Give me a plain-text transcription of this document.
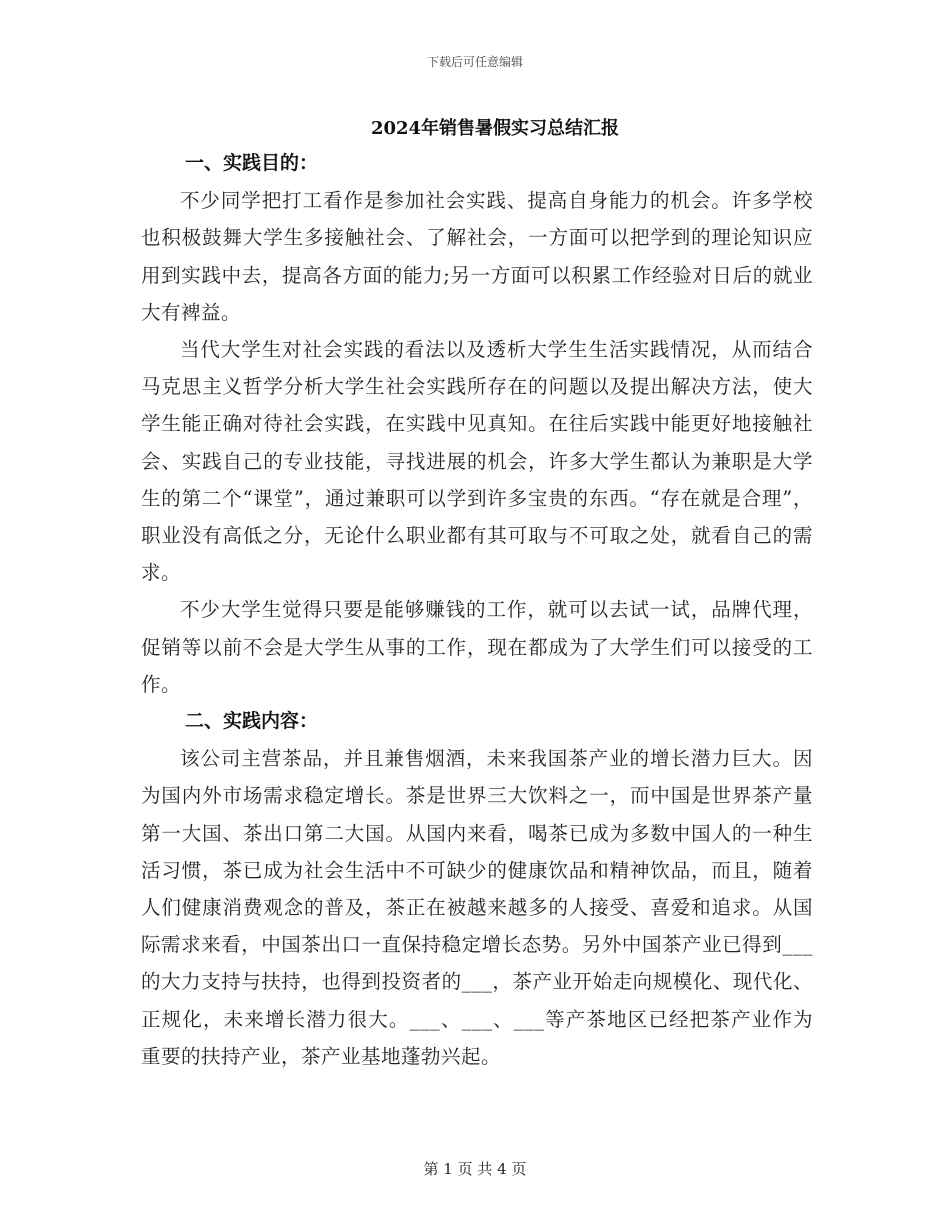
下载后可任意编辑
2024年销售暑假实习总结汇报
一、实践目的：

不少同学把打工看作是参加社会实践、提高自身能力的机会。许多学校也积极鼓舞大学生多接触社会、了解社会，一方面可以把学到的理论知识应用到实践中去，提高各方面的能力;另一方面可以积累工作经验对日后的就业大有裨益。

当代大学生对社会实践的看法以及透析大学生生活实践情况，从而结合马克思主义哲学分析大学生社会实践所存在的问题以及提出解决方法，使大学生能正确对待社会实践，在实践中见真知。在往后实践中能更好地接触社会、实践自己的专业技能，寻找进展的机会，许多大学生都认为兼职是大学生的第二个“课堂”，通过兼职可以学到许多宝贵的东西。“存在就是合理”，职业没有高低之分，无论什么职业都有其可取与不可取之处，就看自己的需求。

不少大学生觉得只要是能够赚钱的工作，就可以去试一试，品牌代理，促销等以前不会是大学生从事的工作，现在都成为了大学生们可以接受的工作。

二、实践内容：

该公司主营茶品，并且兼售烟酒，未来我国茶产业的增长潜力巨大。因为国内外市场需求稳定增长。茶是世界三大饮料之一，而中国是世界茶产量第一大国、茶出口第二大国。从国内来看，喝茶已成为多数中国人的一种生活习惯，茶已成为社会生活中不可缺少的健康饮品和精神饮品，而且，随着人们健康消费观念的普及，茶正在被越来越多的人接受、喜爱和追求。从国际需求来看，中国茶出口一直保持稳定增长态势。另外中国茶产业已得到___的大力支持与扶持，也得到投资者的___，茶产业开始走向规模化、现代化、正规化，未来增长潜力很大。___、___、___等产茶地区已经把茶产业作为重要的扶持产业，茶产业基地蓬勃兴起。

第 1 页 共 4 页
